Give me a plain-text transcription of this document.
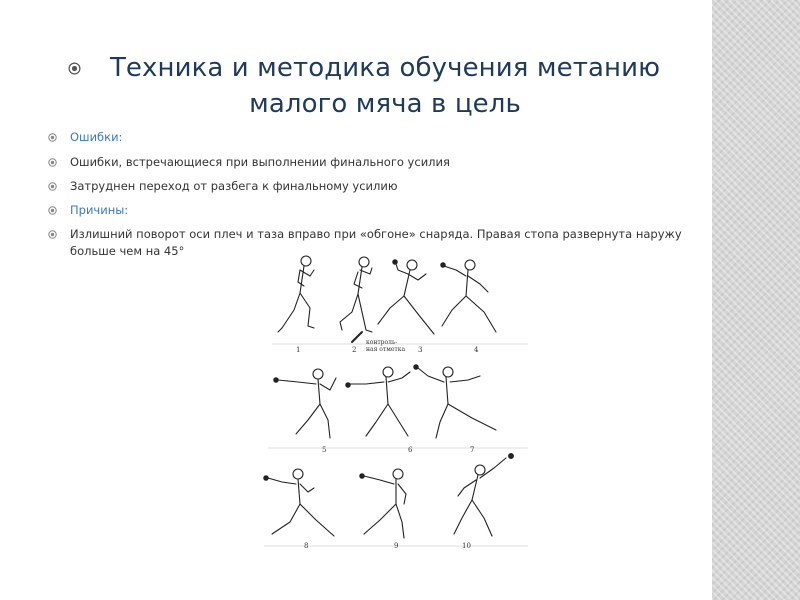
Техника и методика обучения метанию малого мяча в цель
Ошибки:
Ошибки, встречающиеся при выполнении финального усилия
Затруднен переход от разбега к финальному усилию
Причины:
Излишний поворот оси плеч и таза вправо при «обгоне» снаряда. Правая стопа развернута наружу больше чем на 45°
1	2	3	4
5	6	7
8	9	10
контроль-
ная отметка
